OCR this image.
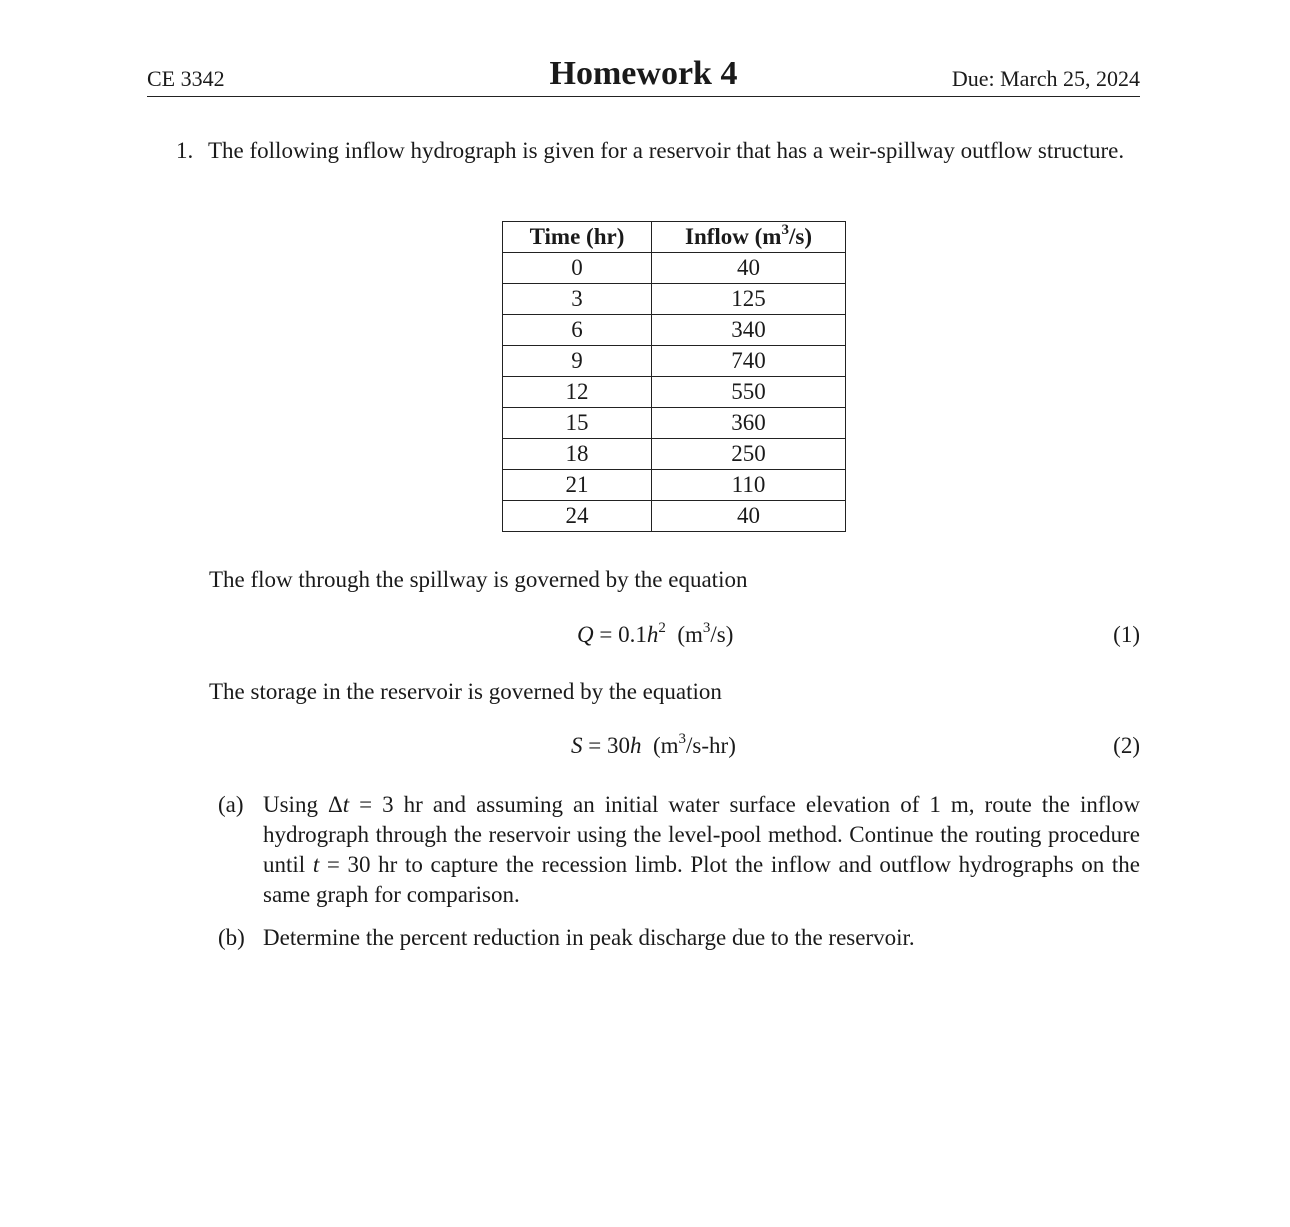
CE 3342	Homework 4	Due: March 25, 2024
1. The following inflow hydrograph is given for a reservoir that has a weir-spillway outflow structure.
Time (hr)	Inflow $(m^3/s)$
0	40
3	125
6	340
9	740
12	550
15	360
18	250
21	110
24	40
The flow through the spillway is governed by the equation
$Q = 0.1h^2$  $(m^3/s)$	(1)
The storage in the reservoir is governed by the equation
S = 30h  $(m^3/s-hr)$	(2)
(a) Using Δt = 3 hr and assuming an initial water surface elevation of 1 m, route the inflow hydrograph through the reservoir using the level-pool method. Continue the routing procedure until t = 30 hr to capture the recession limb. Plot the inflow and outflow hydrographs on the same graph for comparison.
(b) Determine the percent reduction in peak discharge due to the reservoir.
